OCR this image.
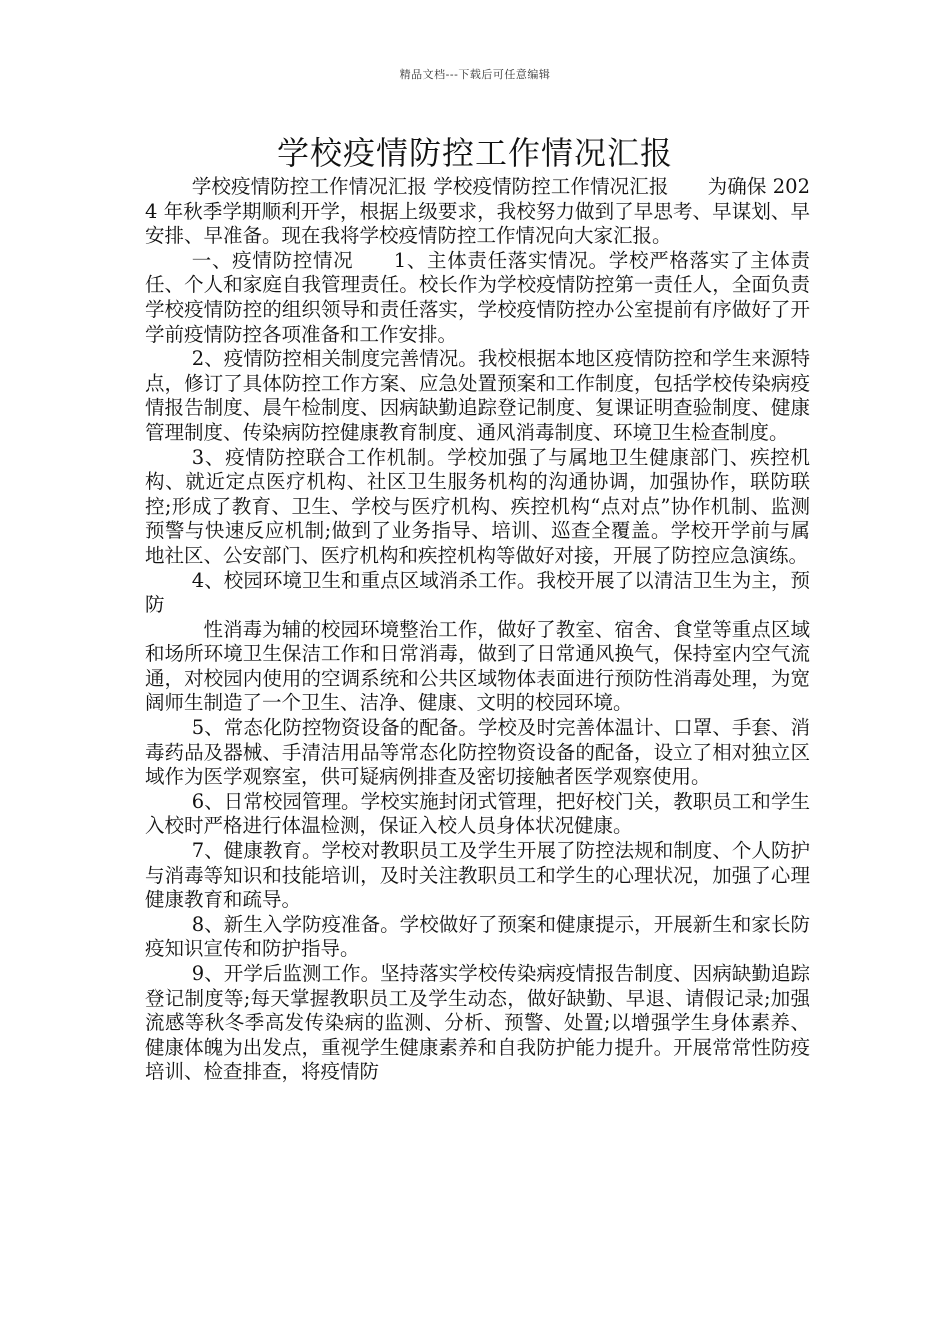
精品文档---下载后可任意编辑
学校疫情防控工作情况汇报

学校疫情防控工作情况汇报 学校疫情防控工作情况汇报　　为确保 2024 年秋季学期顺利开学，根据上级要求，我校努力做到了早思考、早谋划、早安排、早准备。现在我将学校疫情防控工作情况向大家汇报。

一、疫情防控情况　　1、主体责任落实情况。学校严格落实了主体责任、个人和家庭自我管理责任。校长作为学校疫情防控第一责任人，全面负责学校疫情防控的组织领导和责任落实，学校疫情防控办公室提前有序做好了开学前疫情防控各项准备和工作安排。

2、疫情防控相关制度完善情况。我校根据本地区疫情防控和学生来源特点，修订了具体防控工作方案、应急处置预案和工作制度，包括学校传染病疫情报告制度、晨午检制度、因病缺勤追踪登记制度、复课证明查验制度、健康管理制度、传染病防控健康教育制度、通风消毒制度、环境卫生检查制度。

3、疫情防控联合工作机制。学校加强了与属地卫生健康部门、疾控机构、就近定点医疗机构、社区卫生服务机构的沟通协调，加强协作，联防联控;形成了教育、卫生、学校与医疗机构、疾控机构“点对点”协作机制、监测预警与快速反应机制;做到了业务指导、培训、巡查全覆盖。学校开学前与属地社区、公安部门、医疗机构和疾控机构等做好对接，开展了防控应急演练。

4、校园环境卫生和重点区域消杀工作。我校开展了以清洁卫生为主，预防

性消毒为辅的校园环境整治工作，做好了教室、宿舍、食堂等重点区域和场所环境卫生保洁工作和日常消毒，做到了日常通风换气，保持室内空气流通，对校园内使用的空调系统和公共区域物体表面进行预防性消毒处理，为宽阔师生制造了一个卫生、洁净、健康、文明的校园环境。

5、常态化防控物资设备的配备。学校及时完善体温计、口罩、手套、消毒药品及器械、手清洁用品等常态化防控物资设备的配备，设立了相对独立区域作为医学观察室，供可疑病例排查及密切接触者医学观察使用。

6、日常校园管理。学校实施封闭式管理，把好校门关，教职员工和学生入校时严格进行体温检测，保证入校人员身体状况健康。

7、健康教育。学校对教职员工及学生开展了防控法规和制度、个人防护与消毒等知识和技能培训，及时关注教职员工和学生的心理状况，加强了心理健康教育和疏导。

8、新生入学防疫准备。学校做好了预案和健康提示，开展新生和家长防疫知识宣传和防护指导。

9、开学后监测工作。坚持落实学校传染病疫情报告制度、因病缺勤追踪登记制度等;每天掌握教职员工及学生动态，做好缺勤、早退、请假记录;加强流感等秋冬季高发传染病的监测、分析、预警、处置;以增强学生身体素养、健康体魄为出发点，重视学生健康素养和自我防护能力提升。开展常常性防疫培训、检查排查，将疫情防
